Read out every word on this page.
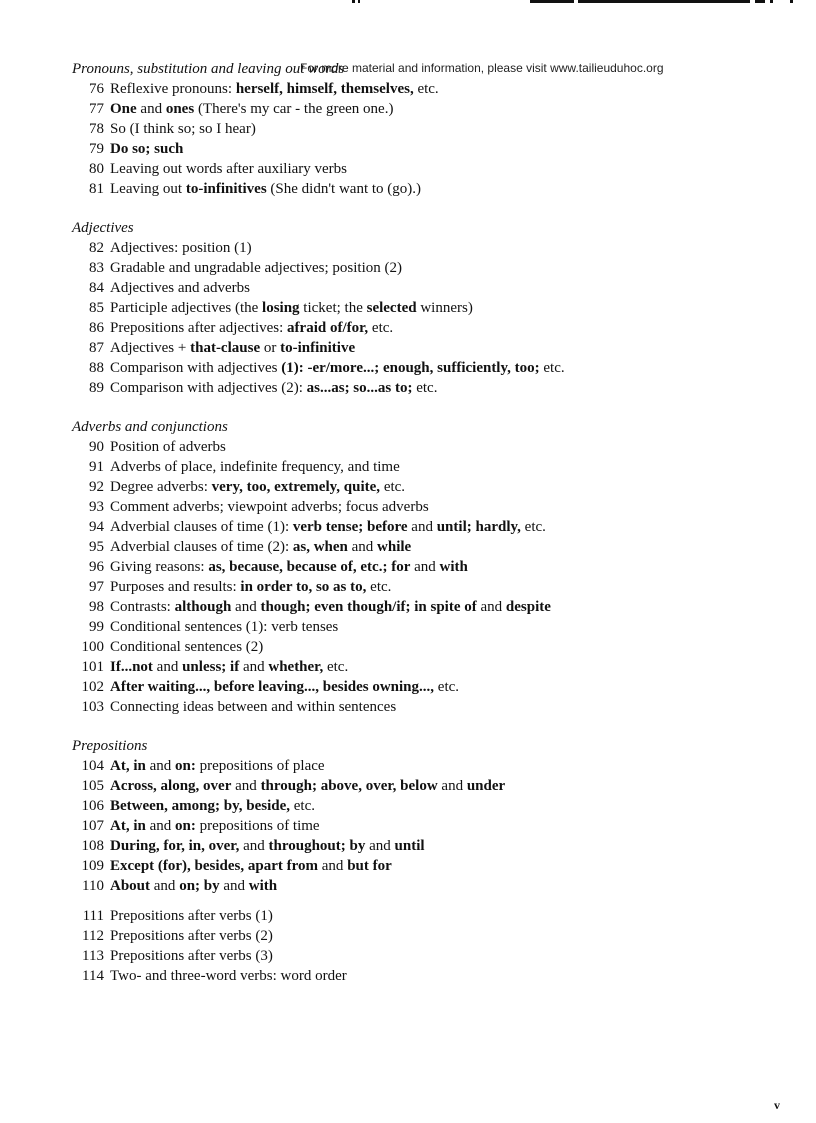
For more material and information, please visit www.tailieuduhoc.org
Pronouns, substitution and leaving out words
76 Reflexive pronouns: herself, himself, themselves, etc.
77 One and ones (There's my car - the green one.)
78 So (I think so; so I hear)
79 Do so; such
80 Leaving out words after auxiliary verbs
81 Leaving out to-infinitives (She didn't want to (go).)
Adjectives
82 Adjectives: position (1)
83 Gradable and ungradable adjectives; position (2)
84 Adjectives and adverbs
85 Participle adjectives (the losing ticket; the selected winners)
86 Prepositions after adjectives: afraid of/for, etc.
87 Adjectives + that-clause or to-infinitive
88 Comparison with adjectives (1): -er/more...; enough, sufficiently, too; etc.
89 Comparison with adjectives (2): as...as; so...as to; etc.
Adverbs and conjunctions
90 Position of adverbs
91 Adverbs of place, indefinite frequency, and time
92 Degree adverbs: very, too, extremely, quite, etc.
93 Comment adverbs; viewpoint adverbs; focus adverbs
94 Adverbial clauses of time (1): verb tense; before and until; hardly, etc.
95 Adverbial clauses of time (2): as, when and while
96 Giving reasons: as, because, because of, etc.; for and with
97 Purposes and results: in order to, so as to, etc.
98 Contrasts: although and though; even though/if; in spite of and despite
99 Conditional sentences (1): verb tenses
100 Conditional sentences (2)
101 If...not and unless; if and whether, etc.
102 After waiting..., before leaving..., besides owning..., etc.
103 Connecting ideas between and within sentences
Prepositions
104 At, in and on: prepositions of place
105 Across, along, over and through; above, over, below and under
106 Between, among; by, beside, etc.
107 At, in and on: prepositions of time
108 During, for, in, over, and throughout; by and until
109 Except (for), besides, apart from and but for
110 About and on; by and with
111 Prepositions after verbs (1)
112 Prepositions after verbs (2)
113 Prepositions after verbs (3)
114 Two- and three-word verbs: word order
v
